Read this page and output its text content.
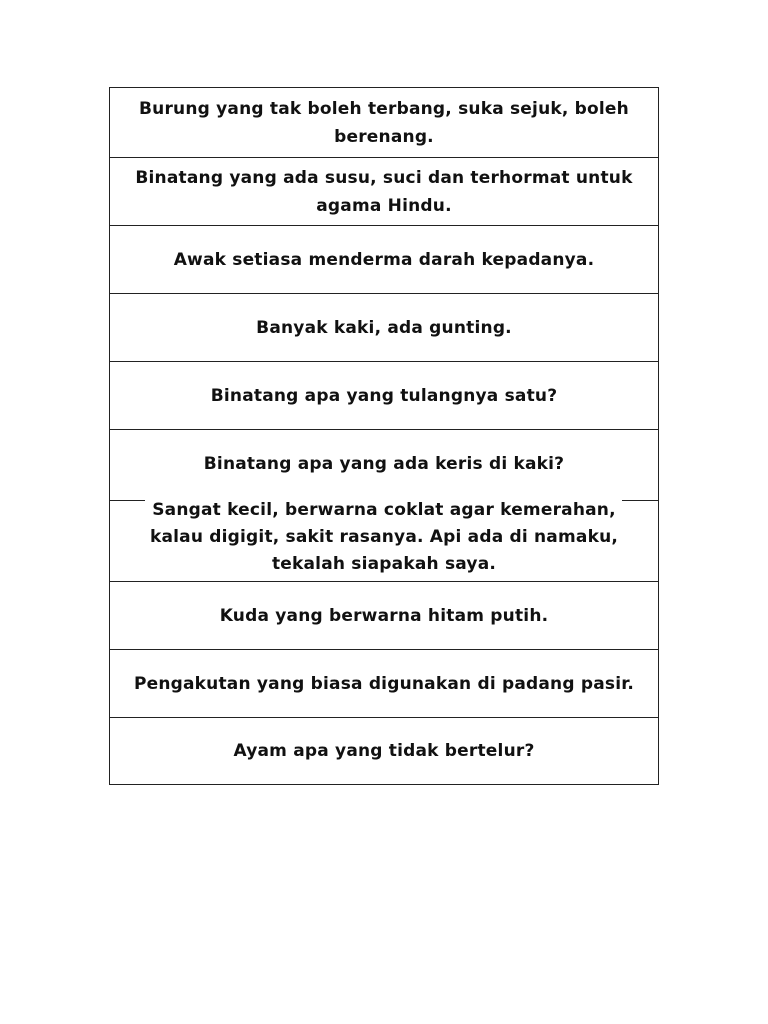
Burung yang tak boleh terbang, suka sejuk, boleh
berenang.
Binatang yang ada susu, suci dan terhormat untuk
agama Hindu.
Awak setiasa menderma darah kepadanya.
Banyak kaki, ada gunting.
Binatang apa yang tulangnya satu?
Binatang apa yang ada keris di kaki?
Sangat kecil, berwarna coklat agar kemerahan,
kalau digigit, sakit rasanya. Api ada di namaku,
tekalah siapakah saya.
Kuda yang berwarna hitam putih.
Pengakutan yang biasa digunakan di padang pasir.
Ayam apa yang tidak bertelur?
